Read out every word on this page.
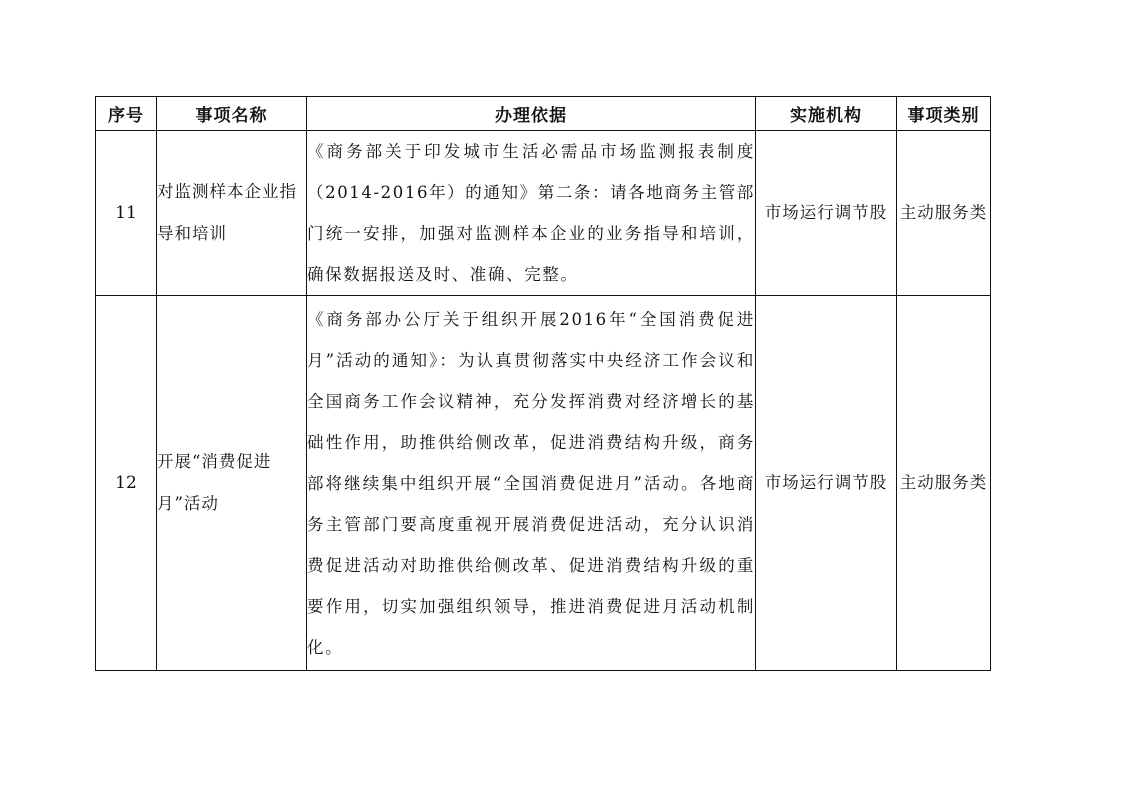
序号	事项名称	办理依据	实施机构	事项类别
11	对监测样本企业指导和培训	《商务部关于印发城市生活必需品市场监测报表制度（2014-2016年）的通知》第二条：请各地商务主管部门统一安排，加强对监测样本企业的业务指导和培训，确保数据报送及时、准确、完整。	市场运行调节股	主动服务类

12	开展“消费促进月”活动	《商务部办公厅关于组织开展2016年“全国消费促进月”活动的通知》：为认真贯彻落实中央经济工作会议和全国商务工作会议精神，充分发挥消费对经济增长的基础性作用，助推供给侧改革，促进消费结构升级，商务部将继续集中组织开展“全国消费促进月”活动。各地商务主管部门要高度重视开展消费促进活动，充分认识消费促进活动对助推供给侧改革、促进消费结构升级的重要作用，切实加强组织领导，推进消费促进月活动机制化。	市场运行调节股	主动服务类
